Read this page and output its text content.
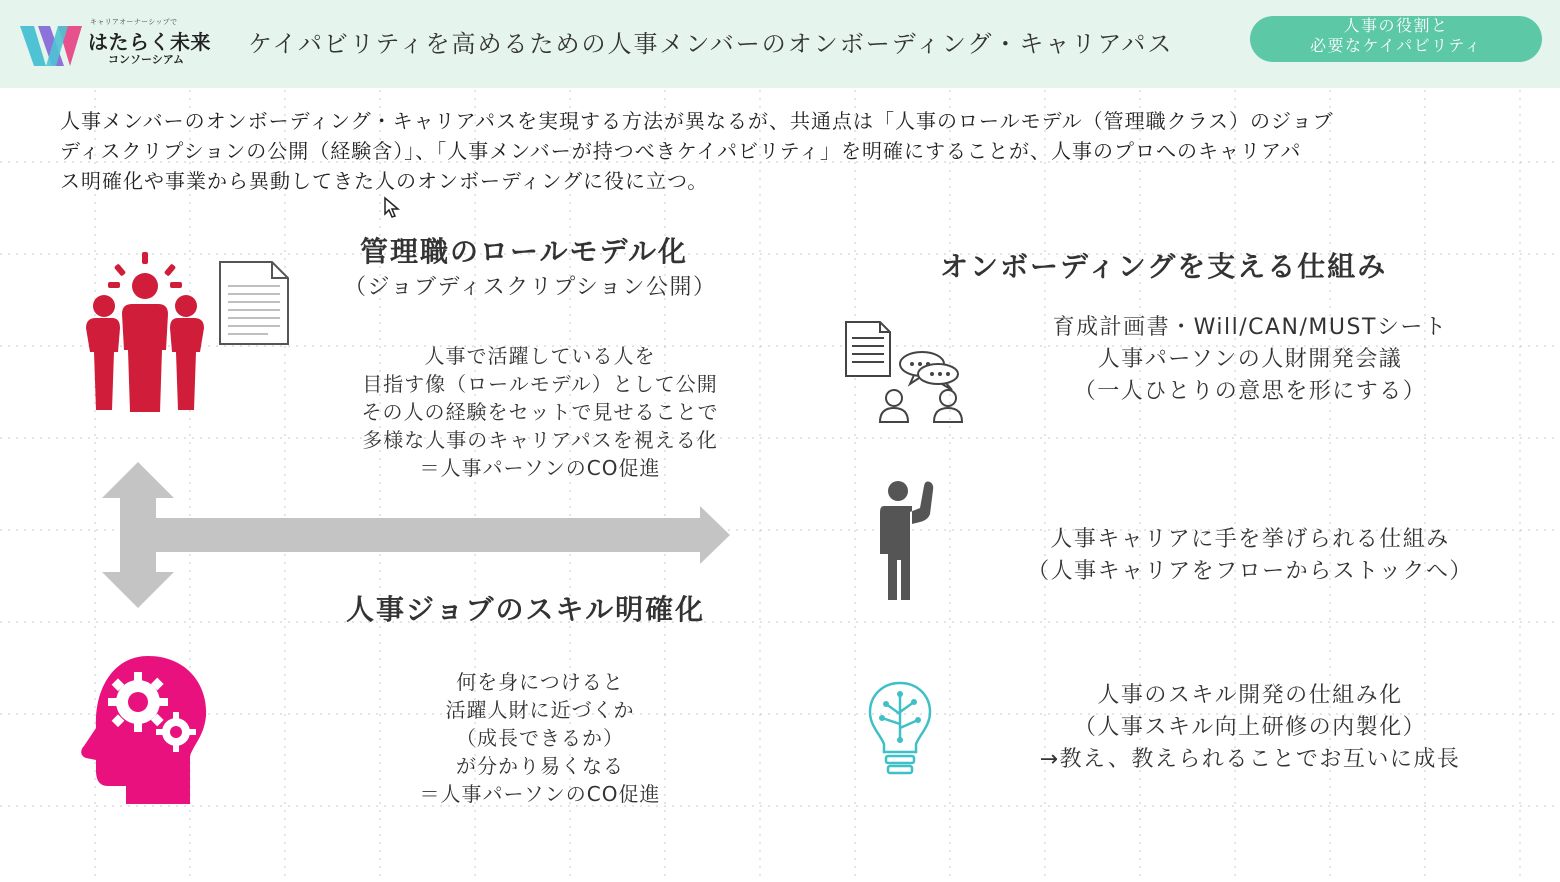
キャリアオーナーシップで
はたらく未来
コンソーシアム
ケイパビリティを高めるための人事メンバーのオンボーディング・キャリアパス
人事の役割と
必要なケイパビリティ
人事メンバーのオンボーディング・キャリアパスを実現する方法が異なるが、共通点は「人事のロールモデル（管理職クラス）のジョブ
ディスクリプションの公開（経験含）」、「人事メンバーが持つべきケイパビリティ」を明確にすることが、人事のプロへのキャリアパ
ス明確化や事業から異動してきた人のオンボーディングに役に立つ。
管理職のロールモデル化
（ジョブディスクリプション公開）
人事で活躍している人を
目指す像（ロールモデル）として公開
その人の経験をセットで見せることで
多様な人事のキャリアパスを視える化
＝人事パーソンのCO促進
人事ジョブのスキル明確化
何を身につけると
活躍人財に近づくか
（成長できるか）
が分かり易くなる
＝人事パーソンのCO促進
オンボーディングを支える仕組み
育成計画書・Will/CAN/MUSTシート
人事パーソンの人財開発会議
（一人ひとりの意思を形にする）
人事キャリアに手を挙げられる仕組み
（人事キャリアをフローからストックへ）
人事のスキル開発の仕組み化
（人事スキル向上研修の内製化）
→教え、教えられることでお互いに成長
